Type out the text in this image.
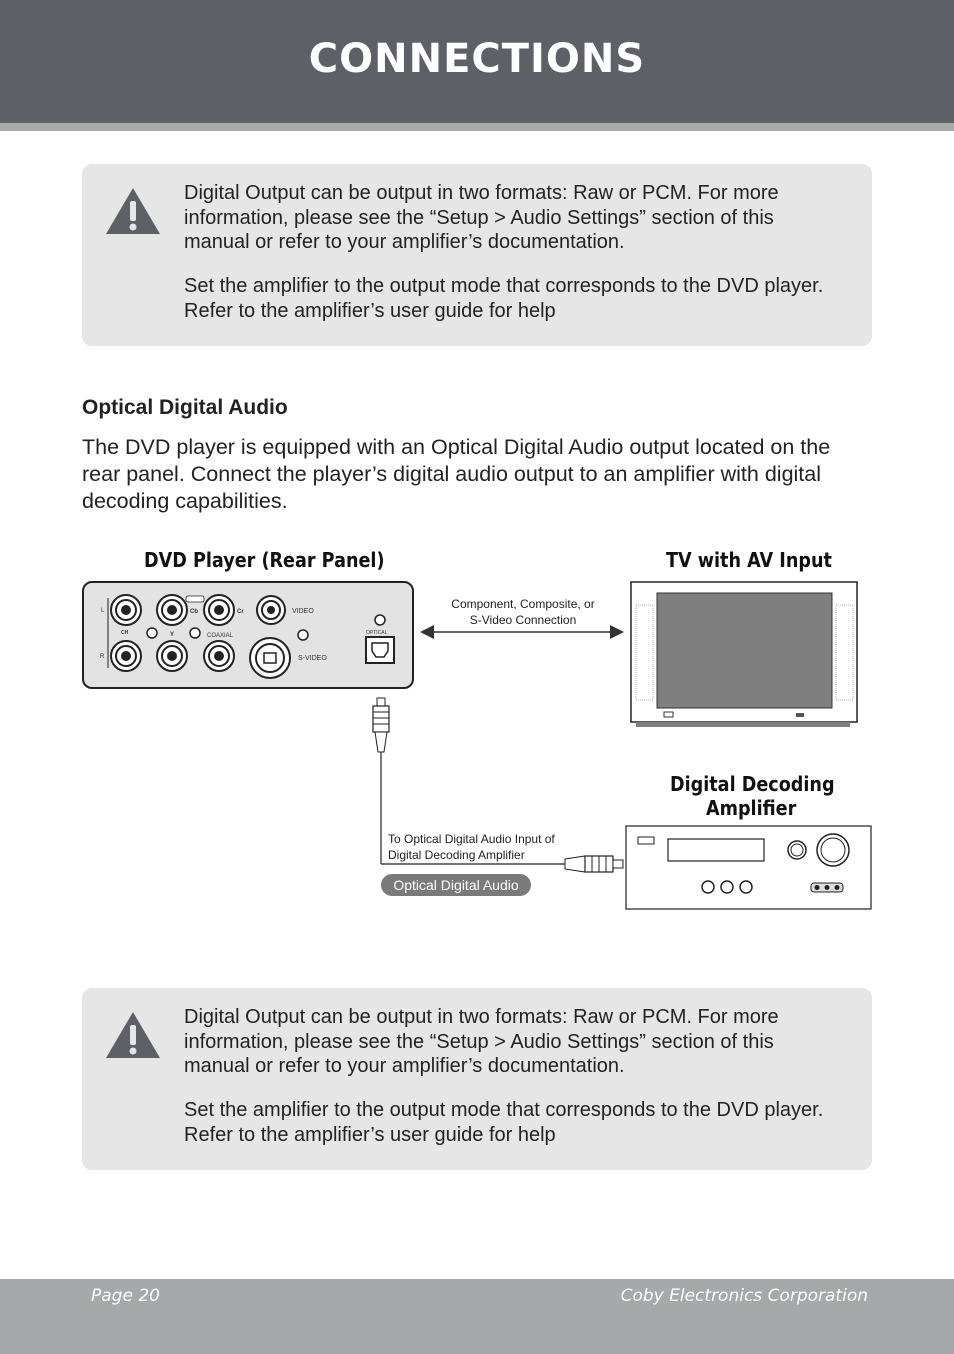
CONNECTIONS

Digital Output can be output in two formats: Raw or PCM. For more information, please see the “Setup > Audio Settings” section of this manual or refer to your amplifier’s documentation.

Set the amplifier to the output mode that corresponds to the DVD player. Refer to the amplifier’s user guide for help

Optical Digital Audio

The DVD player is equipped with an Optical Digital Audio output located on the rear panel. Connect the player’s digital audio output to an amplifier with digital decoding capabilities.

DVD Player (Rear Panel)	TV with AV Input
Digital Decoding
Amplifier
Component, Composite, or
S-Video Connection
To Optical Digital Audio Input of
Digital Decoding Amplifier
Optical Digital Audio
L
R
CH	Y
Cb	Cr
COAXIAL
VIDEO
S-VIDEO
OPTICAL

Digital Output can be output in two formats: Raw or PCM. For more information, please see the “Setup > Audio Settings” section of this manual or refer to your amplifier’s documentation.

Set the amplifier to the output mode that corresponds to the DVD player. Refer to the amplifier’s user guide for help

Page 20	Coby Electronics Corporation
